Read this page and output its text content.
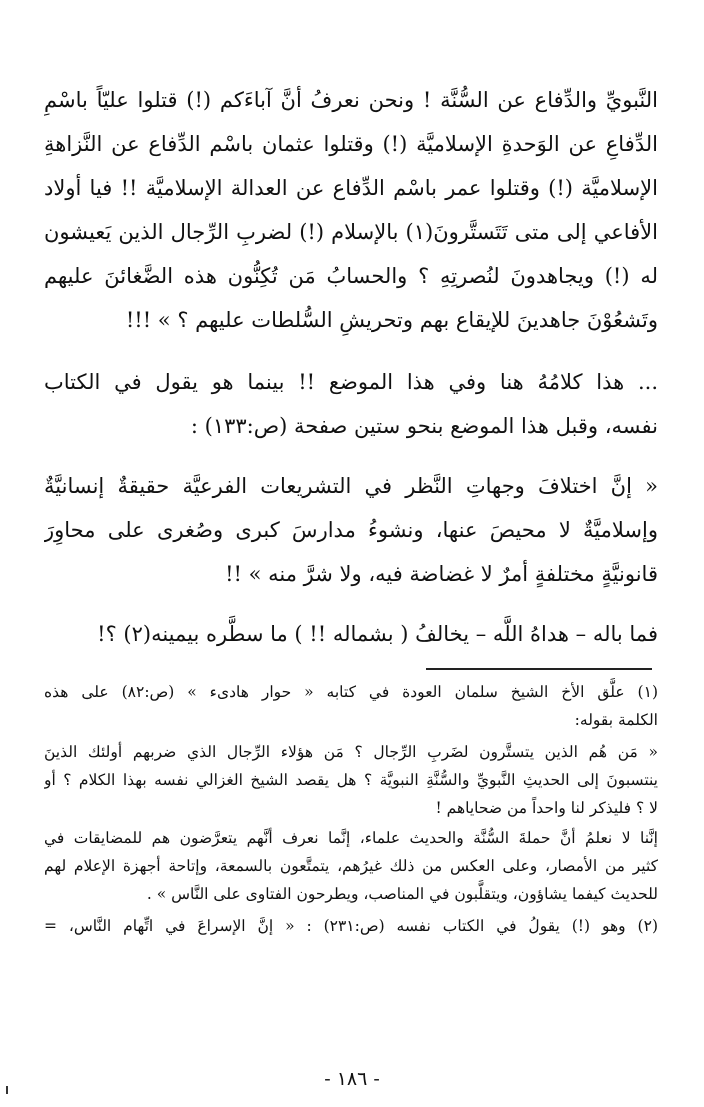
النَّبويِّ والدِّفاع عن السُّنَّة ! ونحن نعرفُ أنَّ آباءَكم (!) قتلوا عليّاً باسْمِ
الدِّفاعِ عن الوَحدةِ الإسلاميَّة (!) وقتلوا عثمان باسْم الدِّفاع عن النَّزاهةِ
الإسلاميَّة (!) وقتلوا عمر باسْم الدِّفاع عن العدالة الإسلاميَّة !! فيا أولاد
الأفاعي إلى متى تَتَستَّرونَ(١) بالإسلام (!) لضربِ الرِّجال الذين يَعيشون
له (!) ويجاهدونَ لنُصرتِهِ ؟ والحسابُ مَن تُكِنُّون هذه الضَّغائنَ عليهم
وتَشعُوْنَ جاهدينَ للإيقاع بهم وتحريشِ السُّلطات عليهم ؟ » !!!
... هذا كلامُهُ هنا وفي هذا الموضع !! بينما هو يقول في الكتاب
نفسه، وقبل هذا الموضع بنحو ستين صفحة (ص:١٣٣) :
« إنَّ اختلافَ وجهاتِ النَّظر في التشريعات الفرعيَّة حقيقةٌ إنسانيَّةٌ
وإسلاميَّةٌ لا محيصَ عنها، ونشوءُ مدارسَ كبرى وصُغرى على محاوِرَ
قانونيَّةٍ مختلفةٍ أمرٌ لا غضاضة فيه، ولا شرَّ منه » !!
فما باله – هداهُ اللَّه – يخالفُ ( بشماله !! ) ما سطَّره بيمينه(٢) ؟!
(١) علَّق الأخ الشيخ سلمان العودة في كتابه « حوار هادىء » (ص:٨٢) على هذه
الكلمة بقوله:
« مَن هُم الذين يتستَّرون لضَربِ الرِّجال ؟ مَن هؤلاء الرِّجال الذي ضربهم أولئك الذينَ
ينتسبونَ إلى الحديثِ النَّبويِّ والسُّنَّةِ النبويَّة ؟ هل يقصد الشيخ الغزالي نفسه بهذا الكلام ؟ أو
لا ؟ فليذكر لنا واحداً من ضحاياهم !
إنَّنا لا نعلمُ أنَّ حملةَ السُّنَّة والحديث علماء، إنَّما نعرف أنَّهم يتعرَّضون هم للمضايقات في
كثير من الأمصار، وعلى العكس من ذلك غيرُهم، يتمتَّعون بالسمعة، وإتاحة أجهزة الإعلام لهم
للحديث كيفما يشاؤون، ويتقلَّبون في المناصب، ويطرحون الفتاوى على النَّاس » .
(٢) وهو (!) يقولُ في الكتاب نفسه (ص:٢٣١) : « إنَّ الإسراعَ في اتِّهام النَّاس، =
- ١٨٦ -
